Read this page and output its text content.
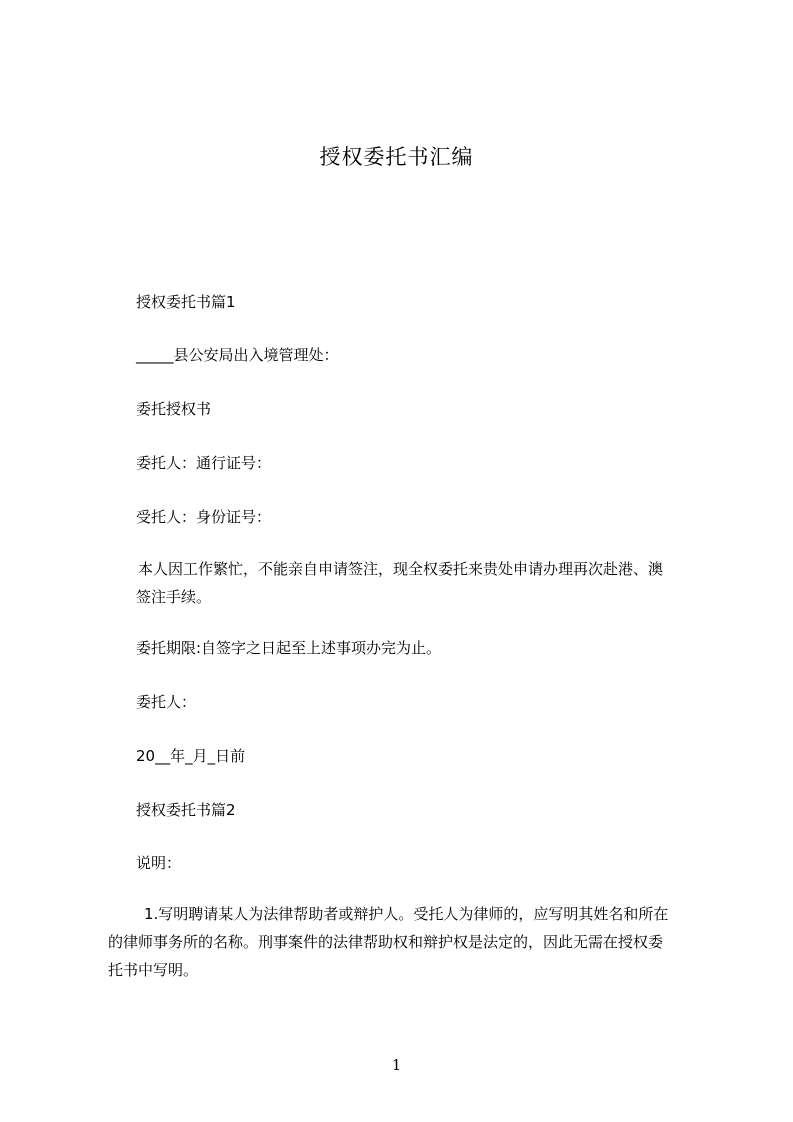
授权委托书汇编
授权委托书篇1
_____县公安局出入境管理处：
委托授权书
委托人：通行证号：
受托人：身份证号：
本人因工作繁忙，不能亲自申请签注，现全权委托来贵处申请办理再次赴港、澳
签注手续。
委托期限:自签字之日起至上述事项办完为止。
委托人：
20__年_月_日前
授权委托书篇2
说明：
1.写明聘请某人为法律帮助者或辩护人。受托人为律师的，应写明其姓名和所在
的律师事务所的名称。刑事案件的法律帮助权和辩护权是法定的，因此无需在授权委
托书中写明。
1
